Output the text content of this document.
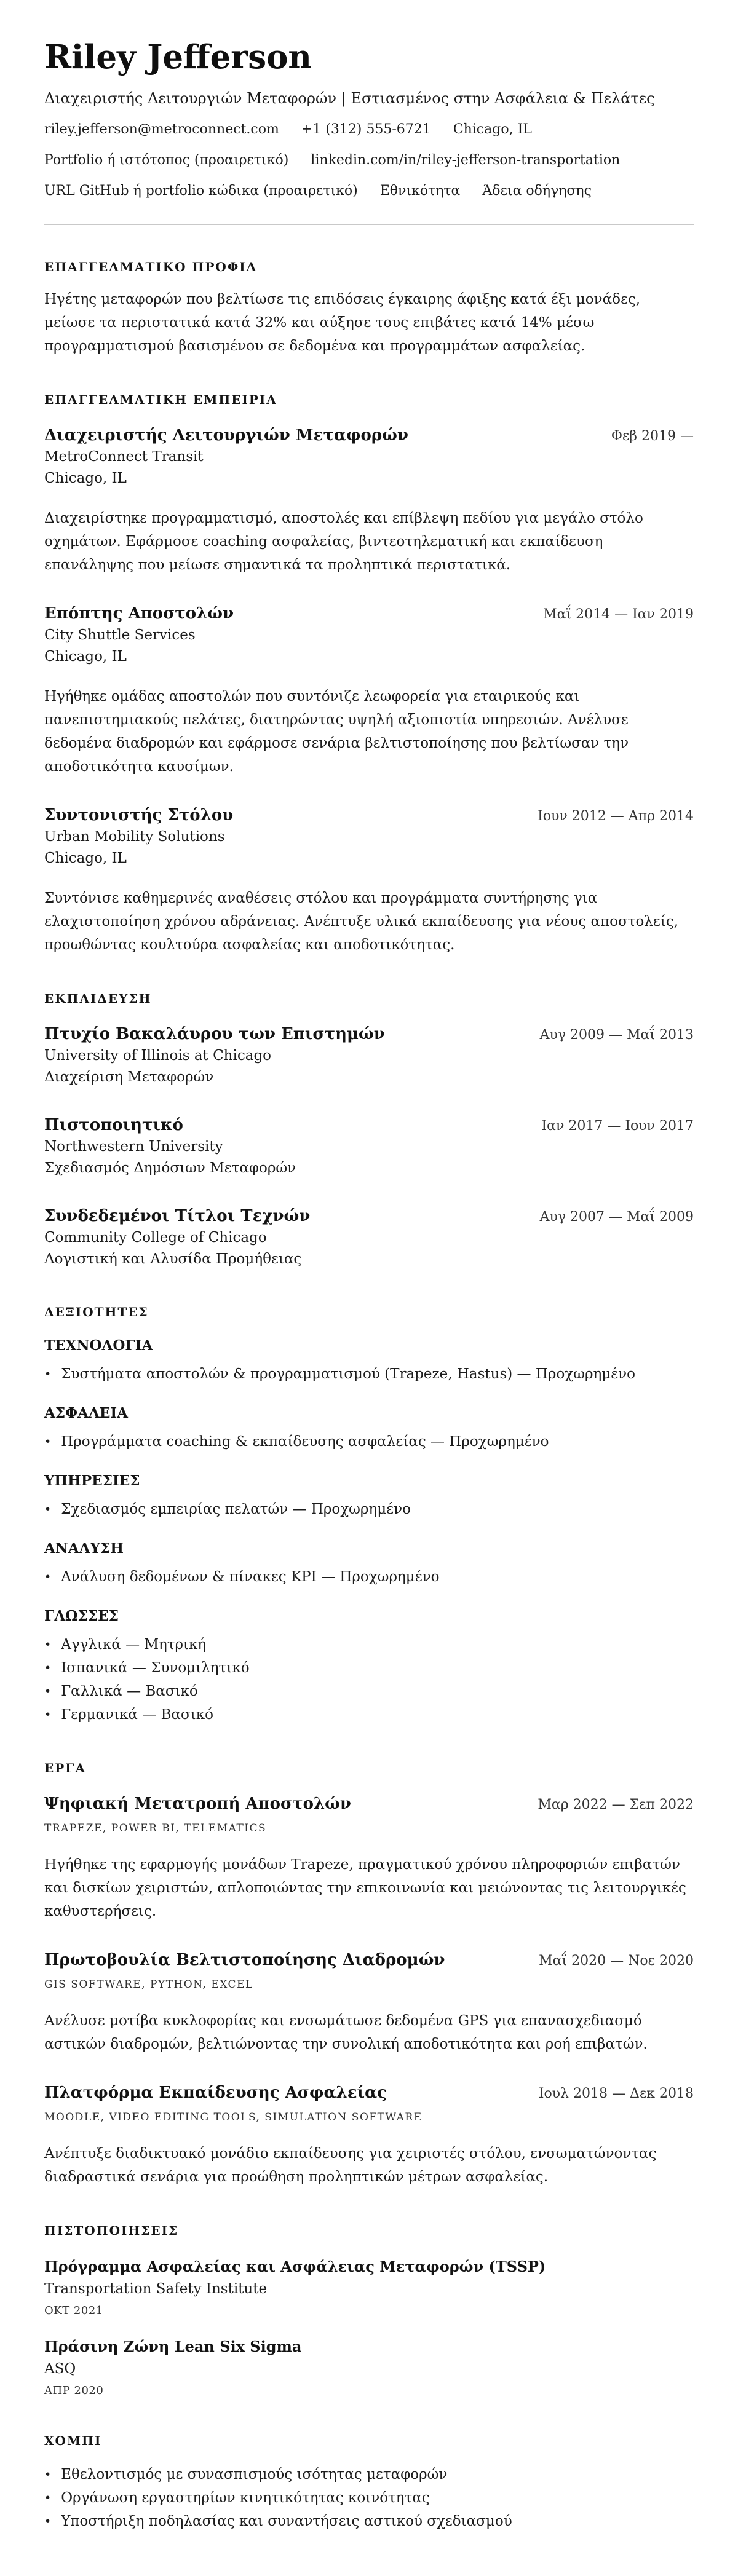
Riley Jefferson
Διαχειριστής Λειτουργιών Μεταφορών | Εστιασμένος στην Ασφάλεια & Πελάτες
riley.jefferson@metroconnect.com +1 (312) 555-6721 Chicago, IL
Portfolio ή ιστότοπος (προαιρετικό) linkedin.com/in/riley-jefferson-transportation
URL GitHub ή portfolio κώδικα (προαιρετικό) Εθνικότητα Άδεια οδήγησης
ΕΠΑΓΓΕΛΜΑΤΙΚΟ ΠΡΟΦΙΛ

Ηγέτης μεταφορών που βελτίωσε τις επιδόσεις έγκαιρης άφιξης κατά έξι μονάδες, μείωσε τα περιστατικά κατά 32% και αύξησε τους επιβάτες κατά 14% μέσω προγραμματισμού βασισμένου σε δεδομένα και προγραμμάτων ασφαλείας.

ΕΠΑΓΓΕΛΜΑΤΙΚΗ ΕΜΠΕΙΡΙΑ
Διαχειριστής Λειτουργιών Μεταφορών	Φεβ 2019 —
MetroConnect Transit
Chicago, IL

Διαχειρίστηκε προγραμματισμό, αποστολές και επίβλεψη πεδίου για μεγάλο στόλο οχημάτων. Εφάρμοσε coaching ασφαλείας, βιντεοτηλεματική και εκπαίδευση επανάληψης που μείωσε σημαντικά τα προληπτικά περιστατικά.

Επόπτης Αποστολών	Μαΐ 2014 — Ιαν 2019
City Shuttle Services
Chicago, IL

Ηγήθηκε ομάδας αποστολών που συντόνιζε λεωφορεία για εταιρικούς και πανεπιστημιακούς πελάτες, διατηρώντας υψηλή αξιοπιστία υπηρεσιών. Ανέλυσε δεδομένα διαδρομών και εφάρμοσε σενάρια βελτιστοποίησης που βελτίωσαν την αποδοτικότητα καυσίμων.

Συντονιστής Στόλου	Ιουν 2012 — Απρ 2014
Urban Mobility Solutions
Chicago, IL

Συντόνισε καθημερινές αναθέσεις στόλου και προγράμματα συντήρησης για ελαχιστοποίηση χρόνου αδράνειας. Ανέπτυξε υλικά εκπαίδευσης για νέους αποστολείς, προωθώντας κουλτούρα ασφαλείας και αποδοτικότητας.

ΕΚΠΑΙΔΕΥΣΗ
Πτυχίο Βακαλάυρου των Επιστημών	Αυγ 2009 — Μαΐ 2013
University of Illinois at Chicago
Διαχείριση Μεταφορών
Πιστοποιητικό	Ιαν 2017 — Ιουν 2017
Northwestern University
Σχεδιασμός Δημόσιων Μεταφορών
Συνδεδεμένοι Τίτλοι Τεχνών	Αυγ 2007 — Μαΐ 2009
Community College of Chicago
Λογιστική και Αλυσίδα Προμήθειας
ΔΕΞΙΟΤΗΤΕΣ
ΤΕΧΝΟΛΟΓΙΑ
• Συστήματα αποστολών & προγραμματισμού (Trapeze, Hastus) — Προχωρημένο
ΑΣΦΑΛΕΙΑ
• Προγράμματα coaching & εκπαίδευσης ασφαλείας — Προχωρημένο
ΥΠΗΡΕΣΙΕΣ
• Σχεδιασμός εμπειρίας πελατών — Προχωρημένο
ΑΝΑΛΥΣΗ
• Ανάλυση δεδομένων & πίνακες KPI — Προχωρημένο
ΓΛΩΣΣΕΣ
• Αγγλικά — Μητρική
• Ισπανικά — Συνομιλητικό
• Γαλλικά — Βασικό
• Γερμανικά — Βασικό
ΕΡΓΑ
Ψηφιακή Μετατροπή Αποστολών	Μαρ 2022 — Σεπ 2022
TRAPEZE, POWER BI, TELEMATICS

Ηγήθηκε της εφαρμογής μονάδων Trapeze, πραγματικού χρόνου πληροφοριών επιβατών και δισκίων χειριστών, απλοποιώντας την επικοινωνία και μειώνοντας τις λειτουργικές καθυστερήσεις.

Πρωτοβουλία Βελτιστοποίησης Διαδρομών	Μαΐ 2020 — Νοε 2020
GIS SOFTWARE, PYTHON, EXCEL

Ανέλυσε μοτίβα κυκλοφορίας και ενσωμάτωσε δεδομένα GPS για επανασχεδιασμό αστικών διαδρομών, βελτιώνοντας την συνολική αποδοτικότητα και ροή επιβατών.

Πλατφόρμα Εκπαίδευσης Ασφαλείας	Ιουλ 2018 — Δεκ 2018
MOODLE, VIDEO EDITING TOOLS, SIMULATION SOFTWARE

Ανέπτυξε διαδικτυακό μονάδιο εκπαίδευσης για χειριστές στόλου, ενσωματώνοντας διαδραστικά σενάρια για προώθηση προληπτικών μέτρων ασφαλείας.

ΠΙΣΤΟΠΟΙΗΣΕΙΣ
Πρόγραμμα Ασφαλείας και Ασφάλειας Μεταφορών (TSSP)
Transportation Safety Institute
ΟΚΤ 2021
Πράσινη Ζώνη Lean Six Sigma
ASQ
ΑΠΡ 2020
ΧΟΜΠΙ
• Εθελοντισμός με συνασπισμούς ισότητας μεταφορών
• Οργάνωση εργαστηρίων κινητικότητας κοινότητας
• Υποστήριξη ποδηλασίας και συναντήσεις αστικού σχεδιασμού
